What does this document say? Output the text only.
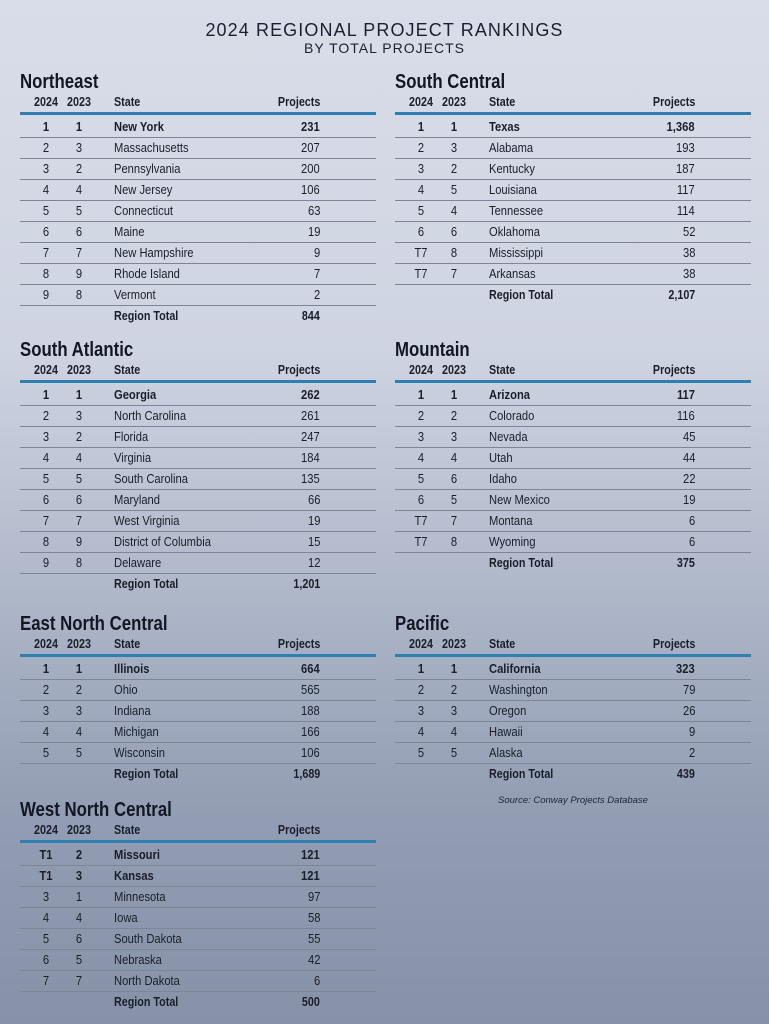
2024 REGIONAL PROJECT RANKINGS
BY TOTAL PROJECTS
Northeast
2024 2023 State	Projects
1	1	New York	231
2	3	Massachusetts	207
3	2	Pennsylvania	200
4	4	New Jersey	106
5	5	Connecticut	63
6	6	Maine	19
7	7	New Hampshire	9
8	9	Rhode Island	7
9	8	Vermont	2
Region Total	844
South Central
2024 2023 State	Projects
1	1	Texas	1,368
2	3	Alabama	193
3	2	Kentucky	187
4	5	Louisiana	117
5	4	Tennessee	114
6	6	Oklahoma	52
T7	8	Mississippi	38
T7	7	Arkansas	38
Region Total	2,107
South Atlantic
2024 2023 State	Projects
1	1	Georgia	262
2	3	North Carolina	261
3	2	Florida	247
4	4	Virginia	184
5	5	South Carolina	135
6	6	Maryland	66
7	7	West Virginia	19
8	9	District of Columbia	15
9	8	Delaware	12
Region Total	1,201
Mountain
2024 2023 State	Projects
1	1	Arizona	117
2	2	Colorado	116
3	3	Nevada	45
4	4	Utah	44
5	6	Idaho	22
6	5	New Mexico	19
T7	7	Montana	6
T7	8	Wyoming	6
Region Total	375
East North Central
2024 2023 State	Projects
1	1	Illinois	664
2	2	Ohio	565
3	3	Indiana	188
4	4	Michigan	166
5	5	Wisconsin	106
Region Total	1,689
Pacific
2024 2023 State	Projects
1	1	California	323
2	2	Washington	79
3	3	Oregon	26
4	4	Hawaii	9
5	5	Alaska	2
Region Total	439
West North Central
2024 2023 State	Projects
T1	2	Missouri	121
T1	3	Kansas	121
3	1	Minnesota	97
4	4	Iowa	58
5	6	South Dakota	55
6	5	Nebraska	42
7	7	North Dakota	6
Region Total	500
Source: Conway Projects Database
